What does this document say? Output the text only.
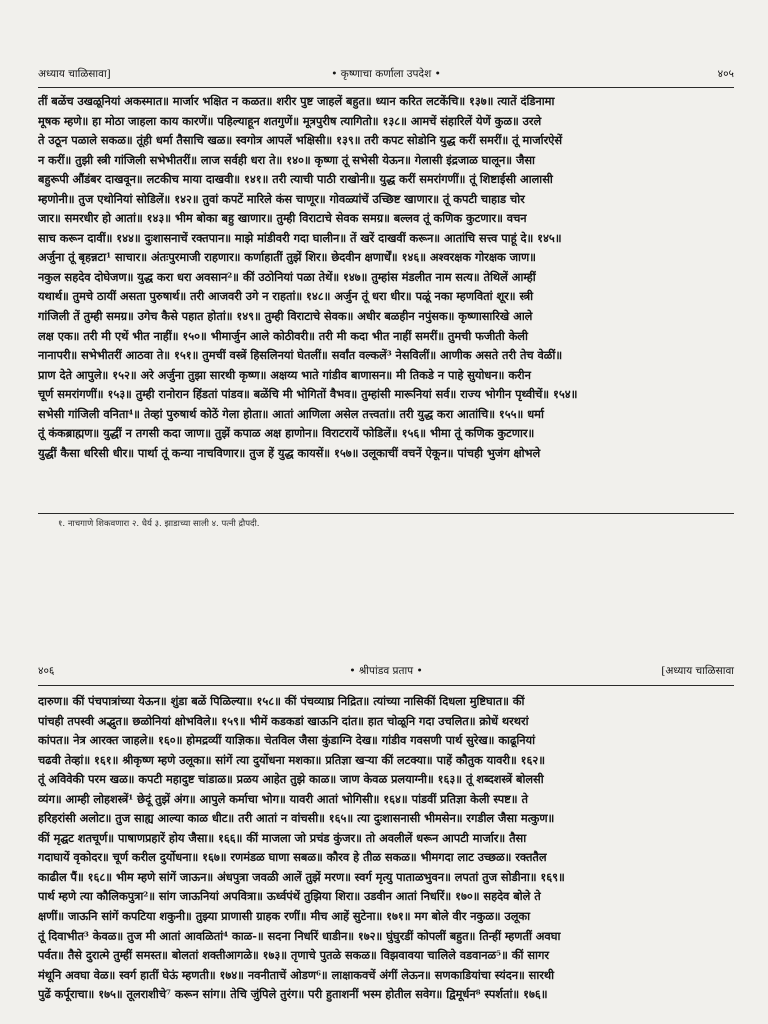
अध्याय चाळिसावा]	• कृष्णाचा कर्णाला उपदेश •	४०५
तीं बळेंच उखळूनियां अकस्मात॥ मार्जार भक्षित न कळत॥ शरीर पुष्ट जाहलें बहुत॥ ध्यान करित लटकेंचि॥ १३७॥ त्यातें दंडिनामा
मूषक म्हणे॥ हा मोठा जाहला काय कारणें॥ पहिल्याहून शतगुणें॥ मूत्रपुरीष त्यागितो॥ १३८॥ आमचें संहारिलें येणें कुळ॥ उरले
ते उठून पळाले सकळ॥ तूंही धर्मा तैसाचि खळ॥ स्वगोत्र आपलें भक्षिसी॥ १३९॥ तरी कपट सोडोनि युद्ध करीं समरीं॥ तूं मार्जारऐसें
न करीं॥ तुझी स्त्री गांजिली सभेभीतरीं॥ लाज सर्वही धरा ते॥ १४०॥ कृष्णा तूं सभेसी येऊन॥ गेलासी इंद्रजाळ घालून॥ जैसा
बहुरूपी औंडंबर दाखवून॥ लटकीच माया दाखवी॥ १४१॥ तरी त्याची पाठी राखोनी॥ युद्ध करीं समरांगणीं॥ तूं शिष्टाईसी आलासी
म्हणोनी॥ तुज एथोनियां सोडिलें॥ १४२॥ तुवां कपटें मारिले कंस चाणूर॥ गोवळ्यांचें उच्छिष्ट खाणार॥ तूं कपटी चाहाड चोर
जार॥ समरधीर हो आतां॥ १४३॥ भीम बोका बहु खाणार॥ तुम्ही विराटाचे सेवक समग्र॥ बल्लव तूं कणिक कुटणार॥ वचन
साच करून दावीं॥ १४४॥ दुःशासनाचें रक्तपान॥ माझे मांडीवरी गदा घालीन॥ तें खरें दाखवीं करून॥ आतांचि सत्त्व पाहूं दे॥ १४५॥
अर्जुना तूं बृहन्नटा¹ साचार॥ अंतःपुरमाजी राहणार॥ कर्णाहातीं तुझें शिर॥ छेदवीन क्षणार्धें॥ १४६॥ अश्वरक्षक गोरक्षक जाण॥
नकुल सहदेव दोघेजण॥ युद्ध करा धरा अवसान²॥ कीं उठोनियां पळा तेथें॥ १४७॥ तुम्हांस मंडलीत नाम सत्य॥ तेथिलें आम्हीं
यथार्थ॥ तुमचे ठायीं असता पुरुषार्थ॥ तरी आजवरी उगे न राहतां॥ १४८॥ अर्जुन तूं धरा धीर॥ पळूं नका म्हणवितां शूर॥ स्त्री
गांजिली तें तुम्ही समग्र॥ उगेच कैसे पहात होतां॥ १४९॥ तुम्ही विराटाचे सेवक॥ अधीर बळहीन नपुंसक॥ कृष्णासारिखे आले
लक्ष एक॥ तरी मी एथें भीत नाहीं॥ १५०॥ भीमार्जुन आले कोठीवरी॥ तरी मी कदा भीत नाहीं समरीं॥ तुमची फजीती केली
नानापरी॥ सभेभीतरीं आठवा ते॥ १५१॥ तुमचीं वस्त्रें हिसलिनयां घेतलीं॥ सर्वांत वल्कलें³ नेसविलीं॥ आणीक असते तरी तेच वेळीं॥
प्राण देते आपुले॥ १५२॥ अरे अर्जुना तुझा सारथी कृष्ण॥ अक्षय्य भाते गांडीव बाणासन॥ मी तिकडे न पाहे सुयोधन॥ करीन
चूर्ण समरांगणीं॥ १५३॥ तुम्ही रानोरान हिंडतां पांडव॥ बळेंचि मी भोगितों वैभव॥ तुम्हांसी मारूनियां सर्व॥ राज्य भोगीन पृथ्वीचें॥ १५४॥
सभेसी गांजिली वनिता⁴॥ तेव्हां पुरुषार्थ कोठें गेला होता॥ आतां आणिला असेल तत्त्वतां॥ तरी युद्ध करा आतांचि॥ १५५॥ धर्मा
तूं कंकब्राह्मण॥ युद्धीं न तगसी कदा जाण॥ तुझें कपाळ अक्ष हाणोन॥ विराटरायें फोडिलें॥ १५६॥ भीमा तूं कणिक कुटणार॥
युद्धीं कैसा धरिसी धीर॥ पार्था तूं कन्या नाचविणार॥ तुज हें युद्ध कायसें॥ १५७॥ उलूकाचीं वचनें ऐकून॥ पांचही भुजंग क्षोभले
१. नाचगाणे शिकवणारा २. धैर्य ३. झाडाच्या साली ४. पत्नी द्रौपदी.
४०६	• श्रीपांडव प्रताप •	[अध्याय चाळिसावा
दारुण॥ कीं पंचपात्रांच्या येऊन॥ शुंडा बळें पिळिल्या॥ १५८॥ कीं पंचव्याघ्र निद्रित॥ त्यांच्या नासिकीं दिधला मुष्टिघात॥ कीं
पांचही तपस्वी अद्भुत॥ छळोनियां क्षोभविले॥ १५९॥ भीमें कडकडां खाऊनि दांत॥ हात चोळूनि गदा उचलित॥ क्रोधें थरथरां
कांपत॥ नेत्र आरक्त जाहले॥ १६०॥ होमद्रव्यीं याज्ञिक॥ चेतविल जैसा कुंडाग्नि देख॥ गांडीव गवसणी पार्थ सुरेख॥ काढूनियां
चढवी तेव्हां॥ १६१॥ श्रीकृष्ण म्हणे उलूका॥ सांगें त्या दुर्योधना मशका॥ प्रतिज्ञा खऱ्या कीं लटक्या॥ पाहें कौतुक यावरी॥ १६२॥
तूं अविवेकी परम खळ॥ कपटी महादुष्ट चांडाळ॥ प्रळय आहेत तुझे काळ॥ जाण केवळ प्रलयाग्नी॥ १६३॥ तूं शब्दशस्त्रें बोलसी
व्यंग॥ आम्ही लोहशस्त्रें¹ छेदूं तुझें अंग॥ आपुले कर्माचा भोग॥ यावरी आतां भोगिसी॥ १६४॥ पांडवीं प्रतिज्ञा केली स्पष्ट॥ ते
हरिहरांसी अलोट॥ तुज साह्य आल्या काळ धीट॥ तरी आतां न वांचसी॥ १६५॥ त्या दुःशासनासी भीमसेन॥ रगडील जैसा मत्कुण॥
कीं मृद्घट शतचूर्ण॥ पाषाणप्रहारें होय जैसा॥ १६६॥ कीं माजला जो प्रचंड कुंजर॥ तो अवलीलें धरून आपटी मार्जार॥ तैसा
गदाघायें वृकोदर॥ चूर्ण करील दुर्योधना॥ १६७॥ रणमंडळ घाणा सबळ॥ कौरव हे तीळ सकळ॥ भीमगदा लाट उच्छळ॥ रक्ततैल
काढील पैं॥ १६८॥ भीम म्हणे सांगें जाऊन॥ अंधपुत्रा जवळी आलें तुझें मरण॥ स्वर्ग मृत्यु पाताळभुवन॥ लपतां तुज सोडीना॥ १६९॥
पार्थ म्हणे त्या कौलिकपुत्रा²॥ सांग जाऊनियां अपवित्रा॥ ऊर्ध्वपंथें तुझिया शिरा॥ उडवीन आतां निर्धारें॥ १७०॥ सहदेव बोले ते
क्षणीं॥ जाऊनि सांगें कपटिया शकुनी॥ तुझ्या प्राणासी ग्राहक रणीं॥ मीच आहें सुटेना॥ १७१॥ मग बोले वीर नकुळ॥ उलूका
तूं दिवाभीत³ केवळ॥ तुज मी आतां आवळितां⁴ काळ-॥ सदना निर्धारें धाडीन॥ १७२॥ घुंघुरडीं कोपलीं बहुत॥ तिन्हीं म्हणतीं अवघा
पर्वत॥ तैसे दुरात्मे तुम्हीं समस्त॥ बोलतां शक्तीआगळे॥ १७३॥ तृणाचे पुतळे सकळ॥ विझवावया चालिले वडवानळ⁵॥ कीं सागर
मंथूनि अवघा वेळ॥ स्वर्ग हातीं घेऊं म्हणती॥ १७४॥ नवनीताचें ओडण⁶॥ लाक्षाकवचें अंगीं लेऊन॥ सणकाडियांचा स्यंदन॥ सारथी
पुढें कर्पूराचा॥ १७५॥ तूलराशीचे⁷ करून सांग॥ तेचि जुंपिले तुरंग॥ परी हुताशनीं भस्म होतील सवेग॥ द्विमूर्धन⁸ स्पर्शतां॥ १७६॥
